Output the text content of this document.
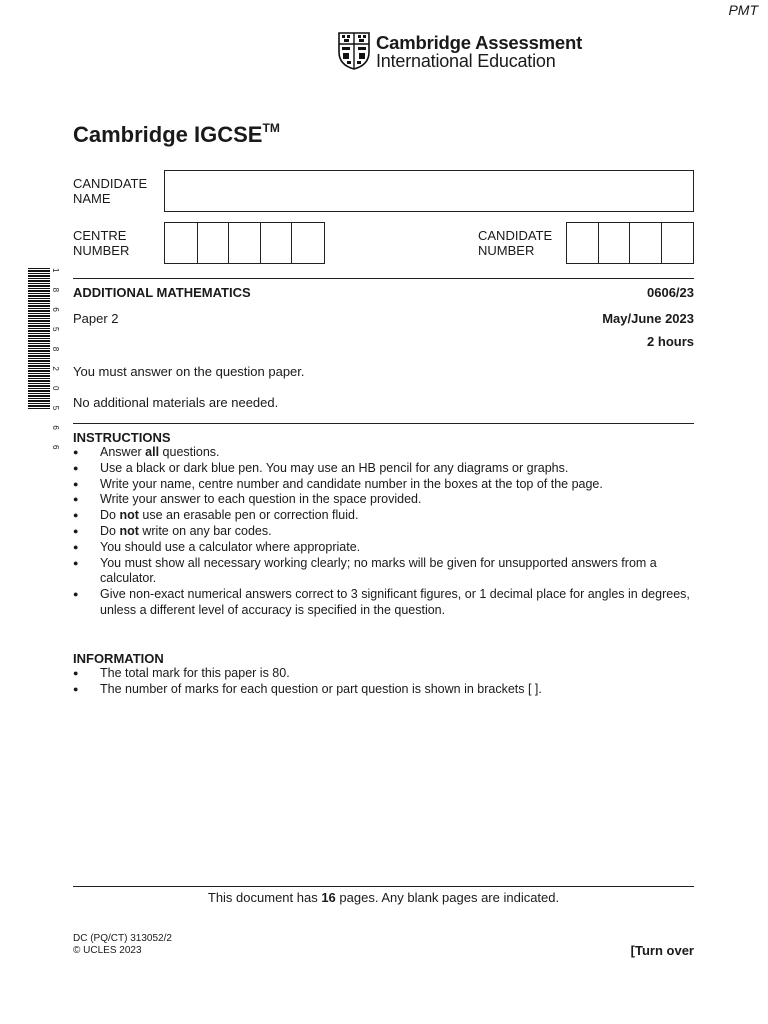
PMT
Cambridge Assessment
International Education
Cambridge IGCSE™
CANDIDATE
NAME
CENTRE
NUMBER
CANDIDATE
NUMBER
1 8 6 5 8 2 0 5 6 6 ADDITIONAL MATHEMATICS	0606/23
Paper 2	May/June 2023
2 hours
You must answer on the question paper.
No additional materials are needed.
INSTRUCTIONS
● Answer all questions.
● Use a black or dark blue pen. You may use an HB pencil for any diagrams or graphs.
● Write your name, centre number and candidate number in the boxes at the top of the page.
● Write your answer to each question in the space provided.
● Do not use an erasable pen or correction fluid.
● Do not write on any bar codes.
● You should use a calculator where appropriate.
● You must show all necessary working clearly; no marks will be given for unsupported answers from a calculator.
● Give non-exact numerical answers correct to 3 significant figures, or 1 decimal place for angles in degrees, unless a different level of accuracy is specified in the question.
INFORMATION
● The total mark for this paper is 80.
● The number of marks for each question or part question is shown in brackets [ ].
This document has 16 pages. Any blank pages are indicated.
DC (PQ/CT) 313052/2
© UCLES 2023	[Turn over
